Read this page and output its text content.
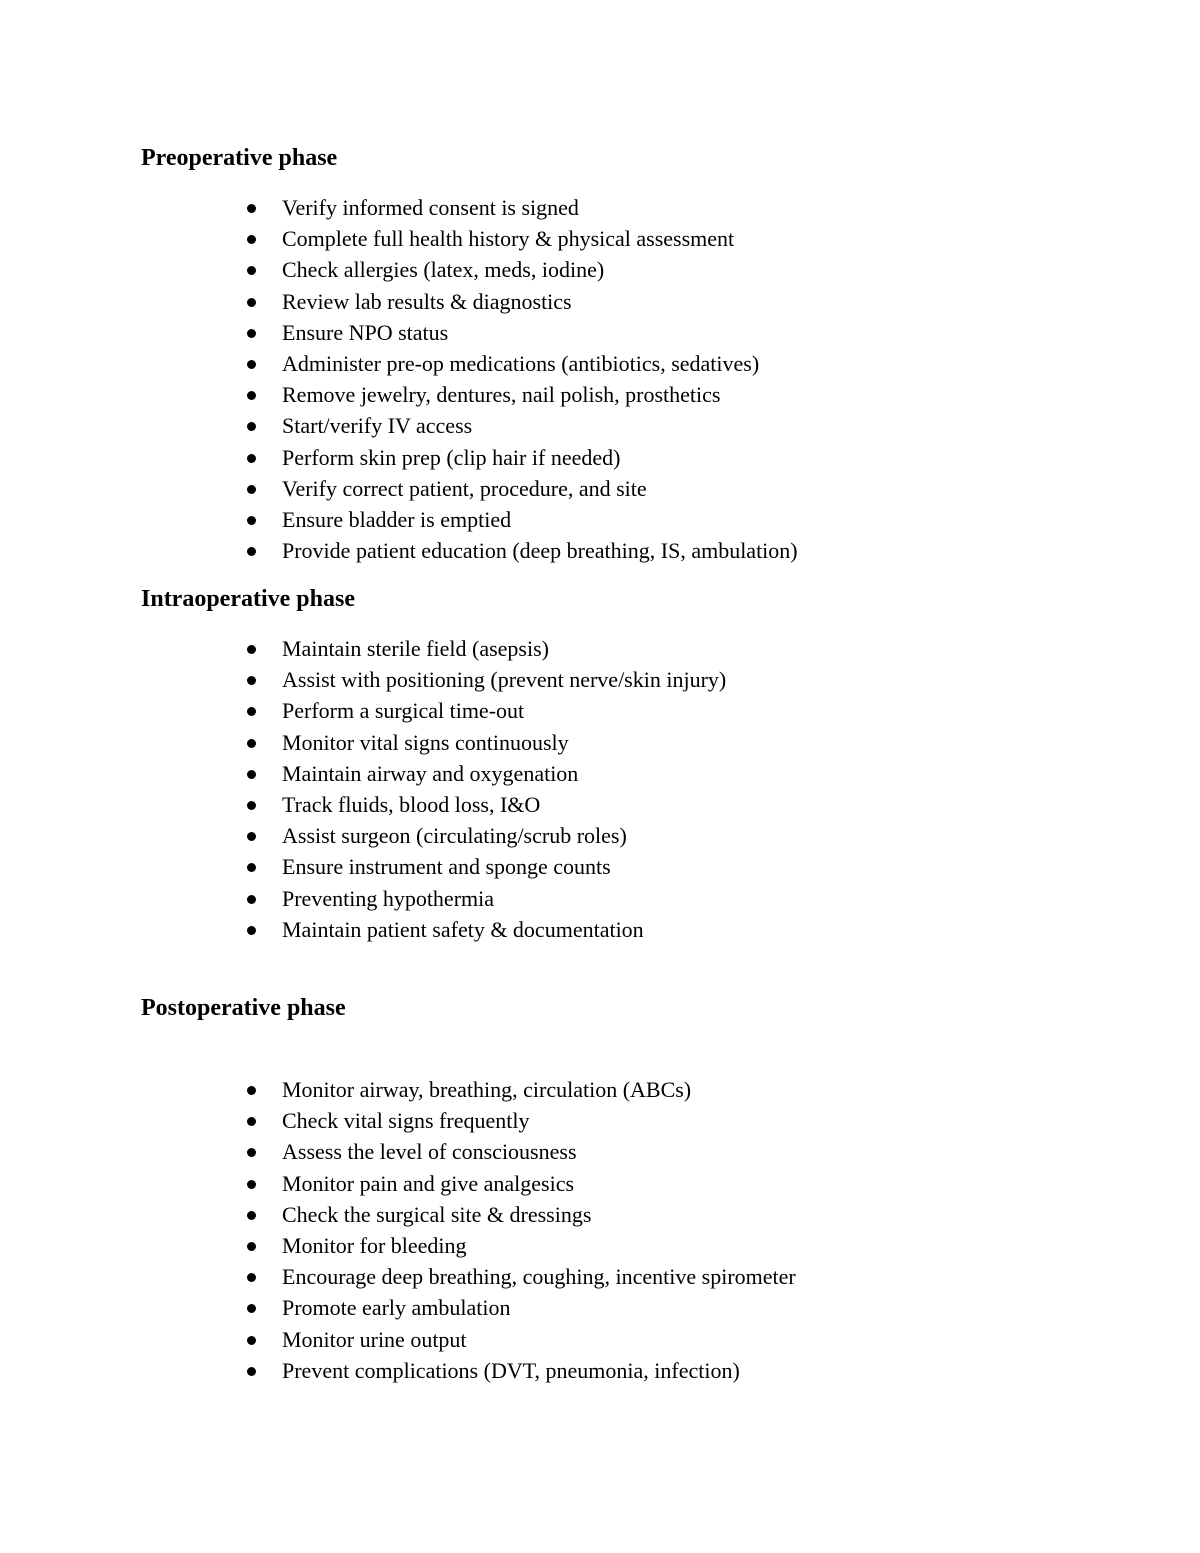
Preoperative phase
Verify informed consent is signed
Complete full health history & physical assessment
Check allergies (latex, meds, iodine)
Review lab results & diagnostics
Ensure NPO status
Administer pre-op medications (antibiotics, sedatives)
Remove jewelry, dentures, nail polish, prosthetics
Start/verify IV access
Perform skin prep (clip hair if needed)
Verify correct patient, procedure, and site
Ensure bladder is emptied
Provide patient education (deep breathing, IS, ambulation)
Intraoperative phase
Maintain sterile field (asepsis)
Assist with positioning (prevent nerve/skin injury)
Perform a surgical time-out
Monitor vital signs continuously
Maintain airway and oxygenation
Track fluids, blood loss, I&O
Assist surgeon (circulating/scrub roles)
Ensure instrument and sponge counts
Preventing hypothermia
Maintain patient safety & documentation
Postoperative phase
Monitor airway, breathing, circulation (ABCs)
Check vital signs frequently
Assess the level of consciousness
Monitor pain and give analgesics
Check the surgical site & dressings
Monitor for bleeding
Encourage deep breathing, coughing, incentive spirometer
Promote early ambulation
Monitor urine output
Prevent complications (DVT, pneumonia, infection)
